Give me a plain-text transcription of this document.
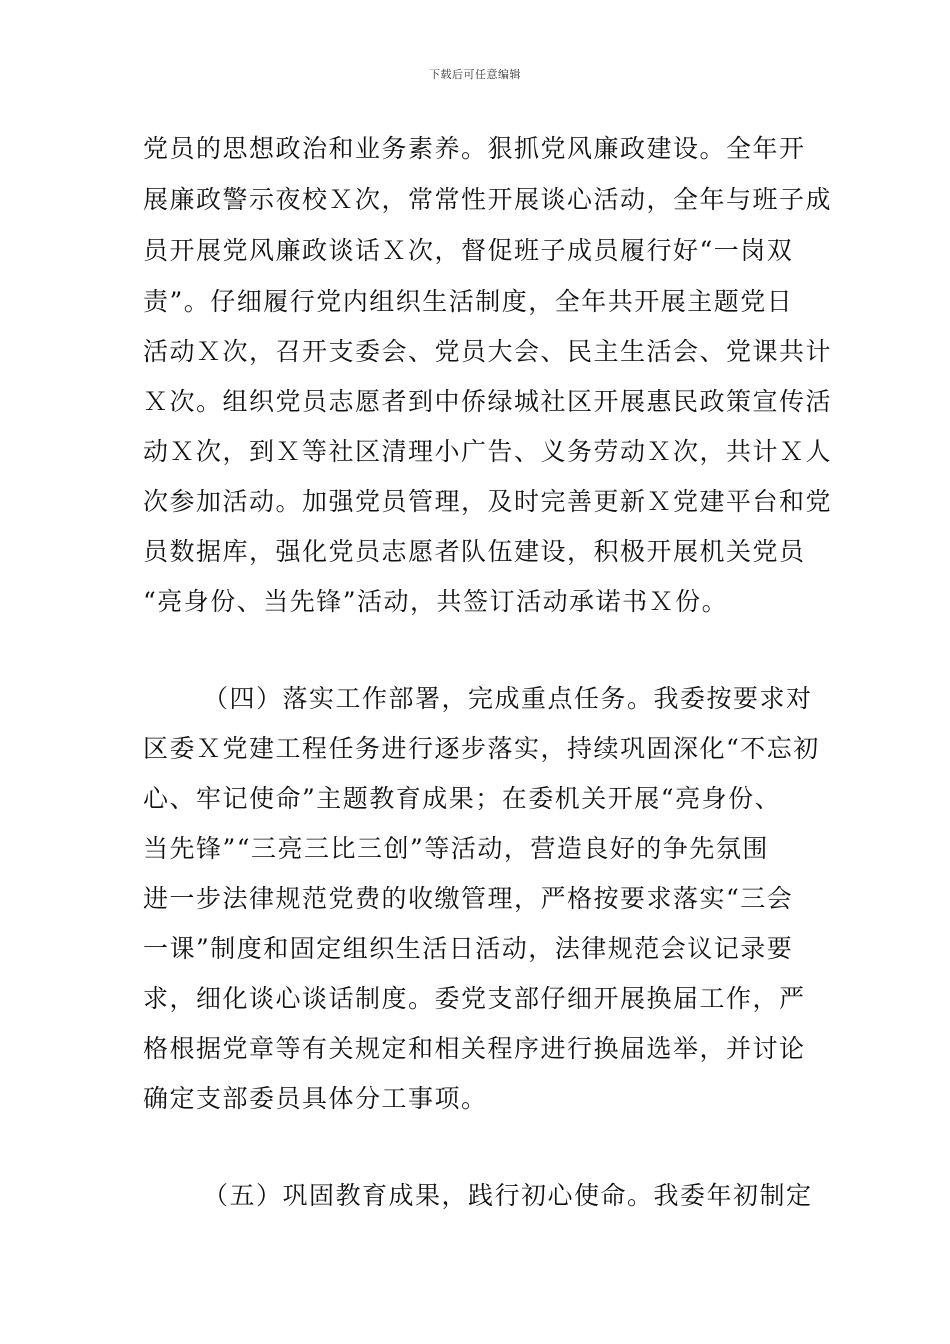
下载后可任意编辑
党员的思想政治和业务素养。狠抓党风廉政建设。全年开
展廉政警示夜校Ｘ次，常常性开展谈心活动，全年与班子成
员开展党风廉政谈话Ｘ次，督促班子成员履行好“一岗双
责”。仔细履行党内组织生活制度，全年共开展主题党日
活动Ｘ次，召开支委会、党员大会、民主生活会、党课共计
Ｘ次。组织党员志愿者到中侨绿城社区开展惠民政策宣传活
动Ｘ次，到Ｘ等社区清理小广告、义务劳动Ｘ次，共计Ｘ人
次参加活动。加强党员管理，及时完善更新Ｘ党建平台和党
员数据库，强化党员志愿者队伍建设，积极开展机关党员
“亮身份、当先锋”活动，共签订活动承诺书Ｘ份。
（四）落实工作部署，完成重点任务。我委按要求对
区委Ｘ党建工程任务进行逐步落实，持续巩固深化“不忘初
心、牢记使命”主题教育成果；在委机关开展“亮身份、
当先锋”“三亮三比三创”等活动，营造良好的争先氛围
进一步法律规范党费的收缴管理，严格按要求落实“三会
一课”制度和固定组织生活日活动，法律规范会议记录要
求，细化谈心谈话制度。委党支部仔细开展换届工作，严
格根据党章等有关规定和相关程序进行换届选举，并讨论
确定支部委员具体分工事项。
（五）巩固教育成果，践行初心使命。我委年初制定
